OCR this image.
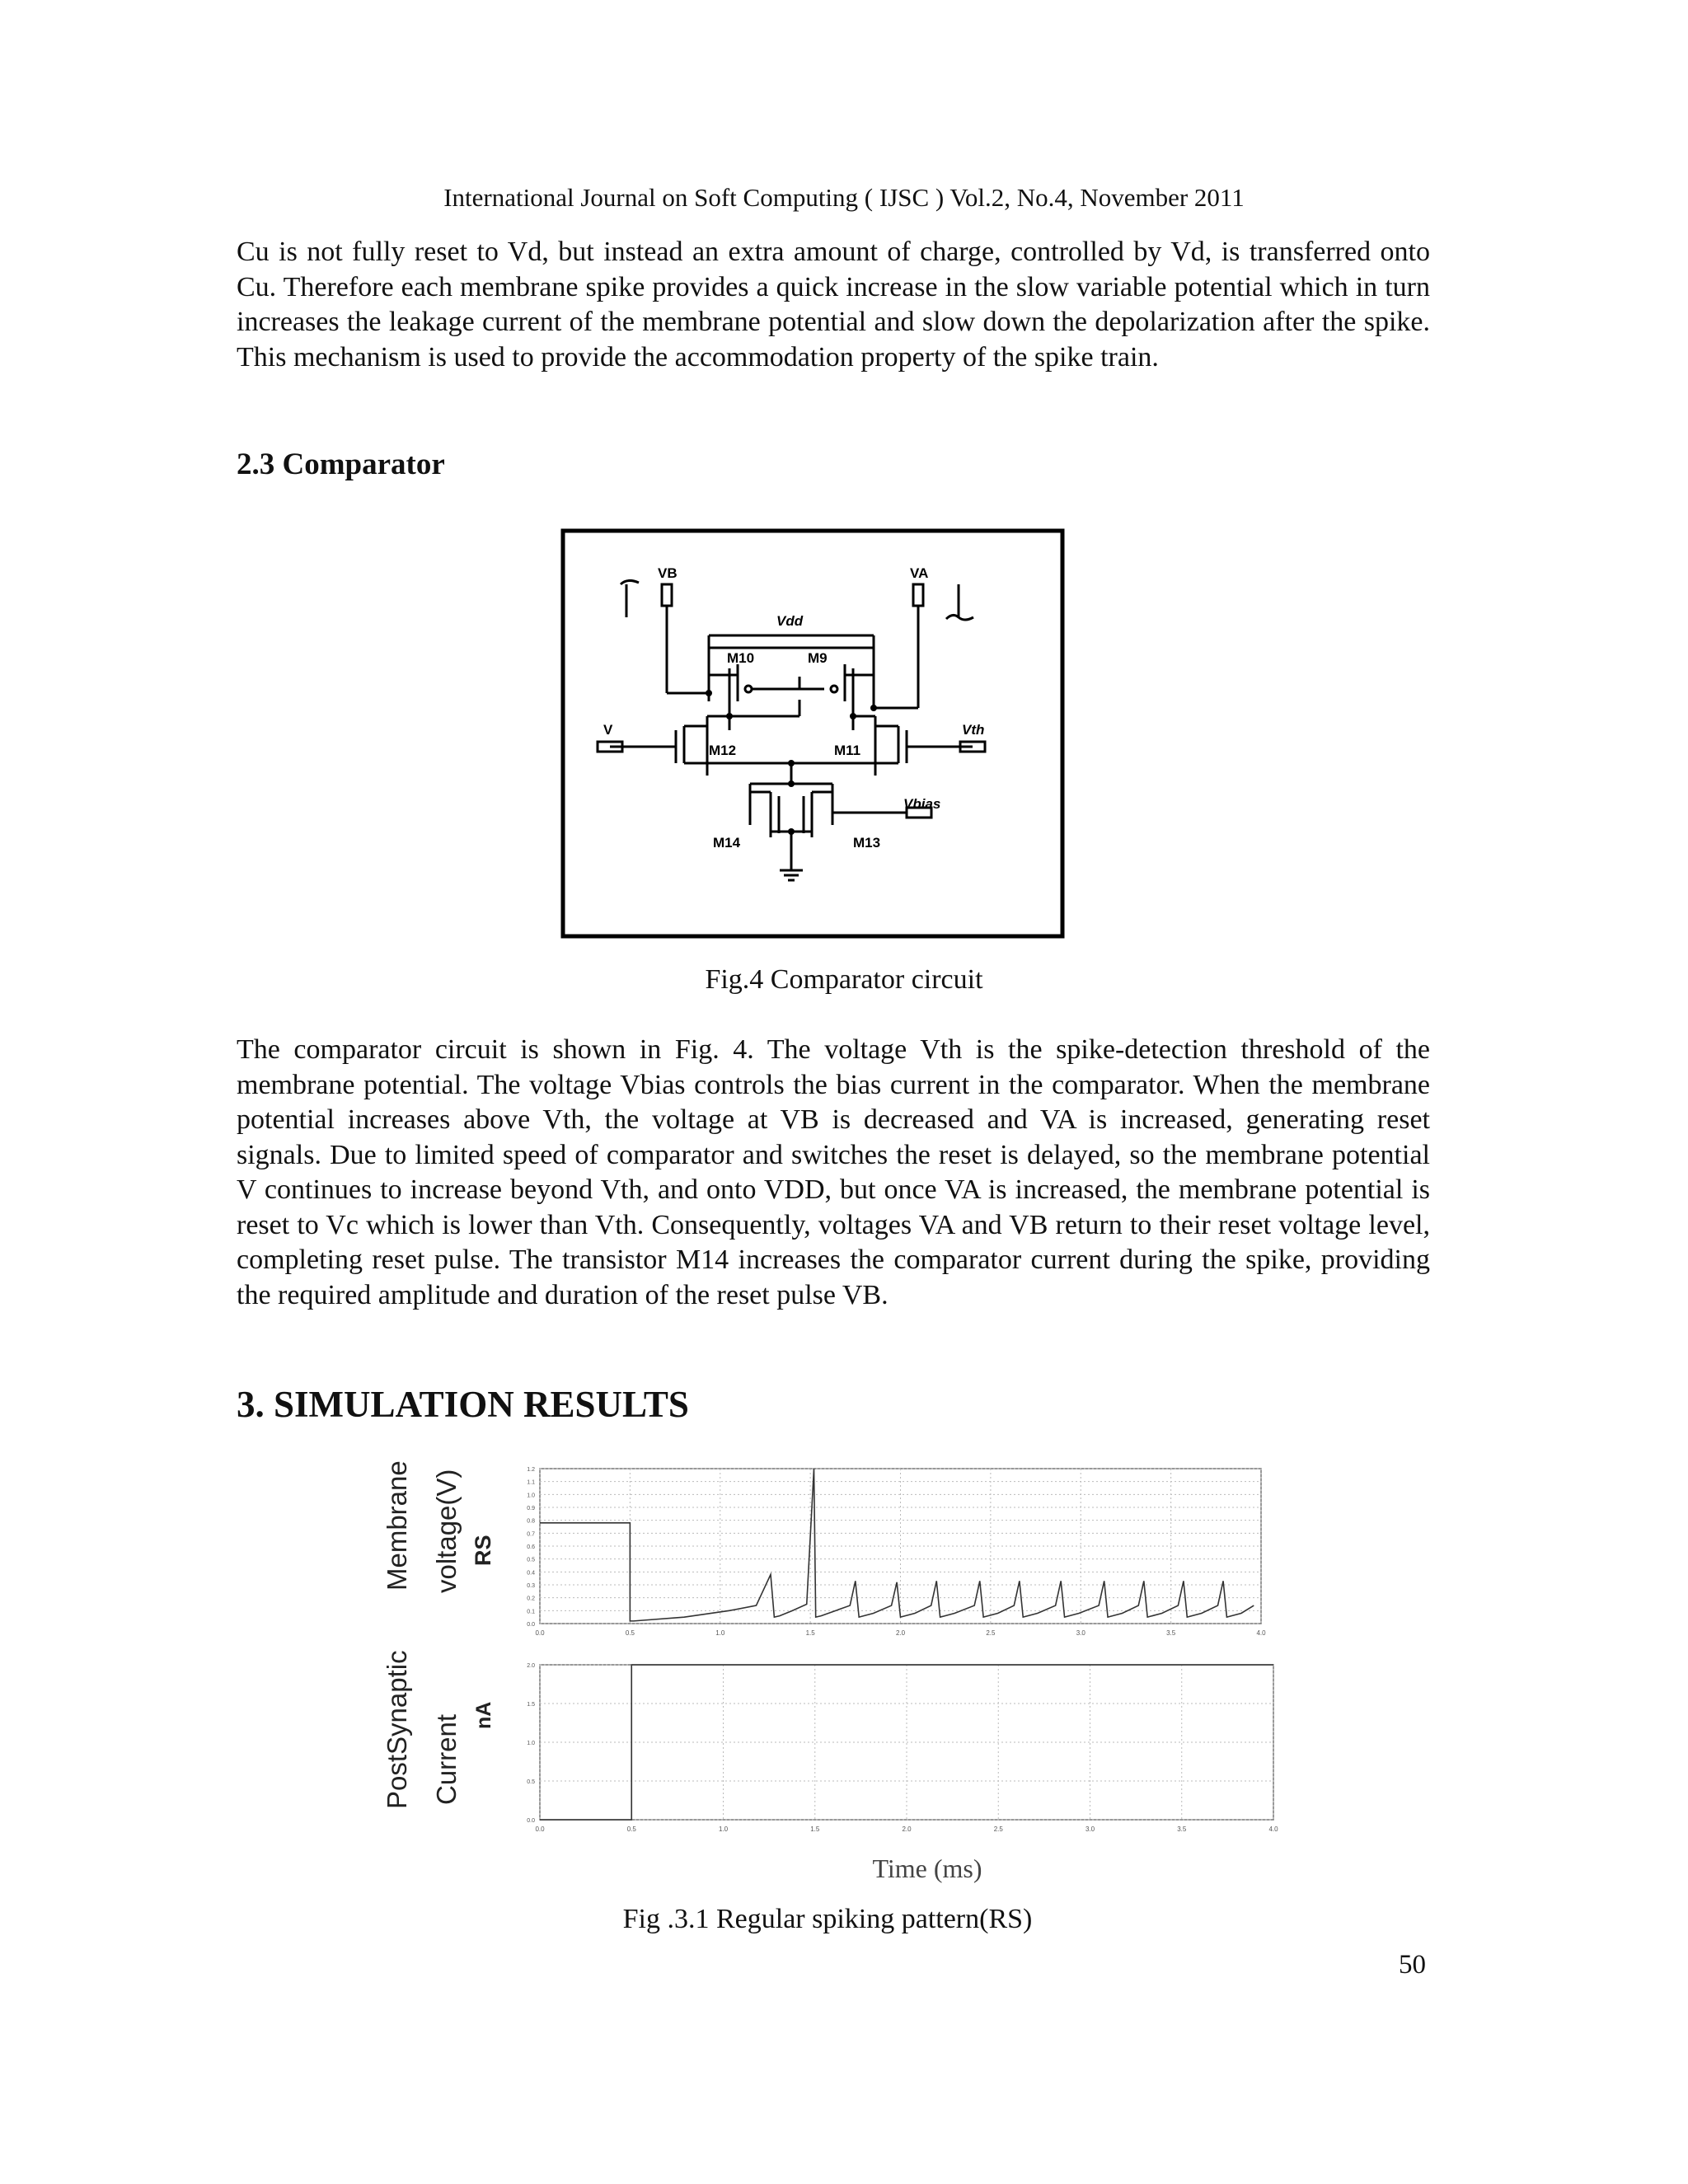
International Journal on Soft Computing ( IJSC ) Vol.2, No.4, November 2011

Cu is not fully reset to Vd, but instead an extra amount of charge, controlled by Vd, is transferred onto Cu. Therefore each membrane spike provides a quick increase in the slow variable potential which in turn increases the leakage current of the membrane potential and slow down the depolarization after the spike. This mechanism is used to provide the accommodation property of the spike train.

2.3 Comparator
VB	VA
Vdd
M10	M9
V	Vth
M12	M11
Vbias
M14	M13
Fig.4 Comparator circuit

The comparator circuit is shown in Fig. 4. The voltage Vth is the spike-detection threshold of the membrane potential. The voltage Vbias controls the bias current in the comparator. When the membrane potential increases above Vth, the voltage at VB is decreased and VA is increased, generating reset signals. Due to limited speed of comparator and switches the reset is delayed, so the membrane potential V continues to increase beyond Vth, and onto VDD, but once VA is increased, the membrane potential is reset to Vc which is lower than Vth. Consequently, voltages VA and VB return to their reset voltage level, completing reset pulse. The transistor M14 increases the comparator current during the spike, providing the required amplitude and duration of the reset pulse VB.

3. SIMULATION RESULTS
Membrane voltage(V) RS
PostSynaptic Current nA
0.0	0.5	1.0	1.5	2.0	2.5	3.0	3.5	4.0
0.0
0.1
0.2
0.3
0.4
0.5
0.6
0.7
0.8
0.9
1.0
1.1
1.2
0.0	0.5	1.0	1.5	2.0	2.5	3.0	3.5	4.0
0.0
0.5
1.0
1.5
2.0
Time (ms)
Fig .3.1 Regular spiking pattern(RS)
50
